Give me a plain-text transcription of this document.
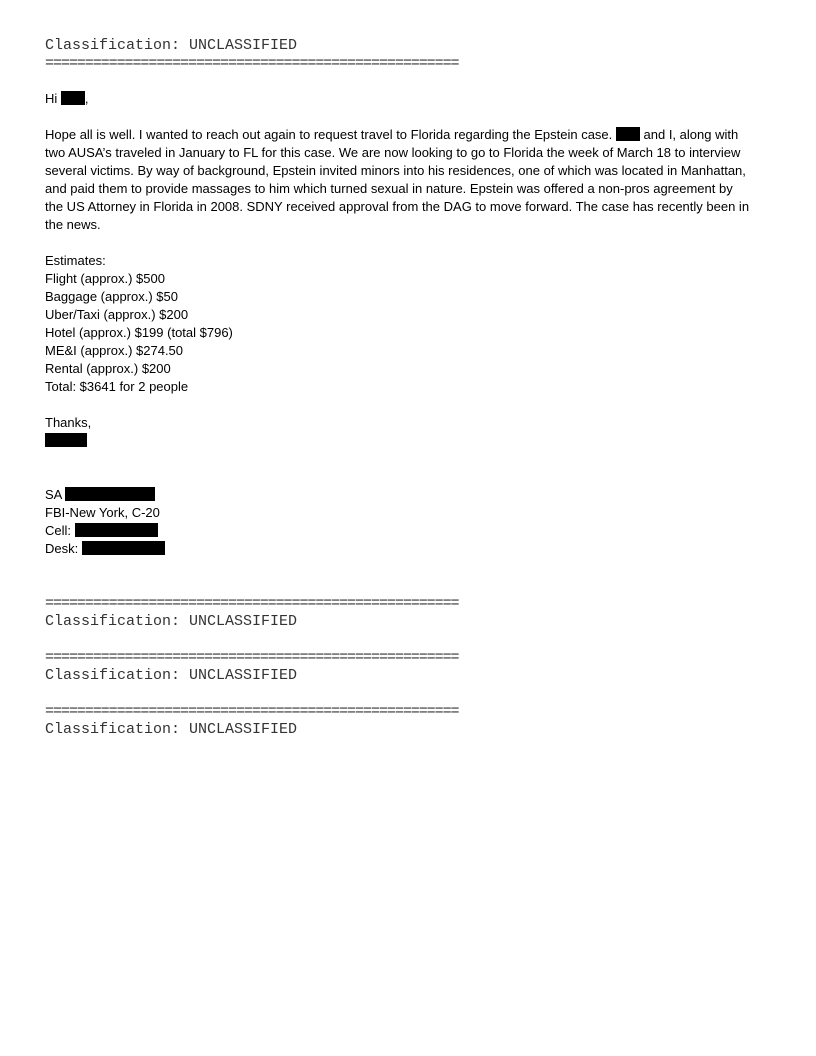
Classification: UNCLASSIFIED
====================================================
Hi ,
Hope all is well. I wanted to reach out again to request travel to Florida regarding the Epstein case. and I, along with
two AUSA’s traveled in January to FL for this case. We are now looking to go to Florida the week of March 18 to interview
several victims. By way of background, Epstein invited minors into his residences, one of which was located in Manhattan,
and paid them to provide massages to him which turned sexual in nature. Epstein was offered a non-pros agreement by
the US Attorney in Florida in 2008. SDNY received approval from the DAG to move forward. The case has recently been in
the news.
Estimates:
Flight (approx.) $500
Baggage (approx.) $50
Uber/Taxi (approx.) $200
Hotel (approx.) $199 (total $796)
ME&I (approx.) $274.50
Rental (approx.) $200
Total: $3641 for 2 people
Thanks,
SA
FBI-New York, C-20
Cell:
Desk:
====================================================
Classification: UNCLASSIFIED
====================================================
Classification: UNCLASSIFIED
====================================================
Classification: UNCLASSIFIED
